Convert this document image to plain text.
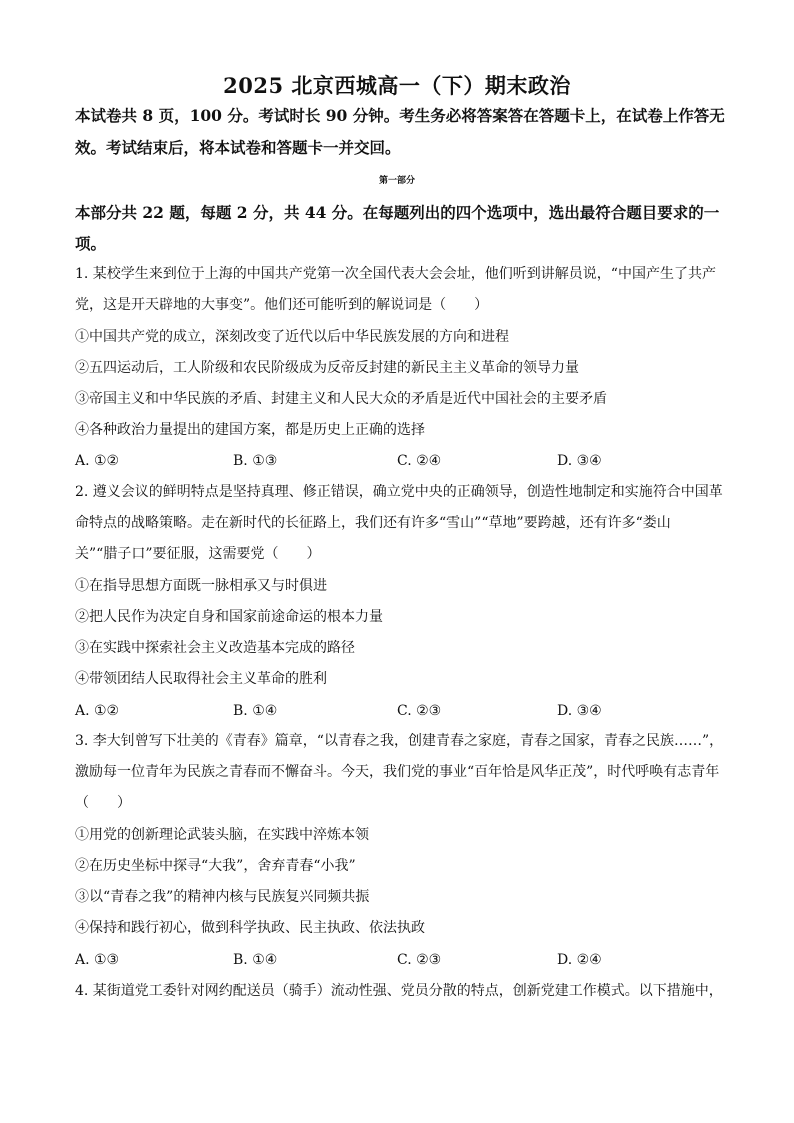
2025 北京西城高一（下）期末政治
本试卷共 8 页，100 分。考试时长 90 分钟。考生务必将答案答在答题卡上，在试卷上作答无
效。考试结束后，将本试卷和答题卡一并交回。
第一部分
本部分共 22 题，每题 2 分，共 44 分。在每题列出的四个选项中，选出最符合题目要求的一
项。
1. 某校学生来到位于上海的中国共产党第一次全国代表大会会址，他们听到讲解员说，“中国产生了共产
党，这是开天辟地的大事变”。他们还可能听到的解说词是（　　）
①中国共产党的成立，深刻改变了近代以后中华民族发展的方向和进程
②五四运动后，工人阶级和农民阶级成为反帝反封建的新民主主义革命的领导力量
③帝国主义和中华民族的矛盾、封建主义和人民大众的矛盾是近代中国社会的主要矛盾
④各种政治力量提出的建国方案，都是历史上正确的选择
A. ①②	B. ①③	C. ②④	D. ③④
2. 遵义会议的鲜明特点是坚持真理、修正错误，确立党中央的正确领导，创造性地制定和实施符合中国革
命特点的战略策略。走在新时代的长征路上，我们还有许多“雪山”“草地”要跨越，还有许多“娄山
关”“腊子口”要征服，这需要党（　　）
①在指导思想方面既一脉相承又与时俱进
②把人民作为决定自身和国家前途命运的根本力量
③在实践中探索社会主义改造基本完成的路径
④带领团结人民取得社会主义革命的胜利
A. ①②	B. ①④	C. ②③	D. ③④
3. 李大钊曾写下壮美的《青春》篇章，“以青春之我，创建青春之家庭，青春之国家，青春之民族……”，
激励每一位青年为民族之青春而不懈奋斗。今天，我们党的事业“百年恰是风华正茂”，时代呼唤有志青年
（　　）
①用党的创新理论武装头脑，在实践中淬炼本领
②在历史坐标中探寻“大我”，舍弃青春“小我”
③以“青春之我”的精神内核与民族复兴同频共振
④保持和践行初心，做到科学执政、民主执政、依法执政
A. ①③	B. ①④	C. ②③	D. ②④
4. 某街道党工委针对网约配送员（骑手）流动性强、党员分散的特点，创新党建工作模式。以下措施中，
